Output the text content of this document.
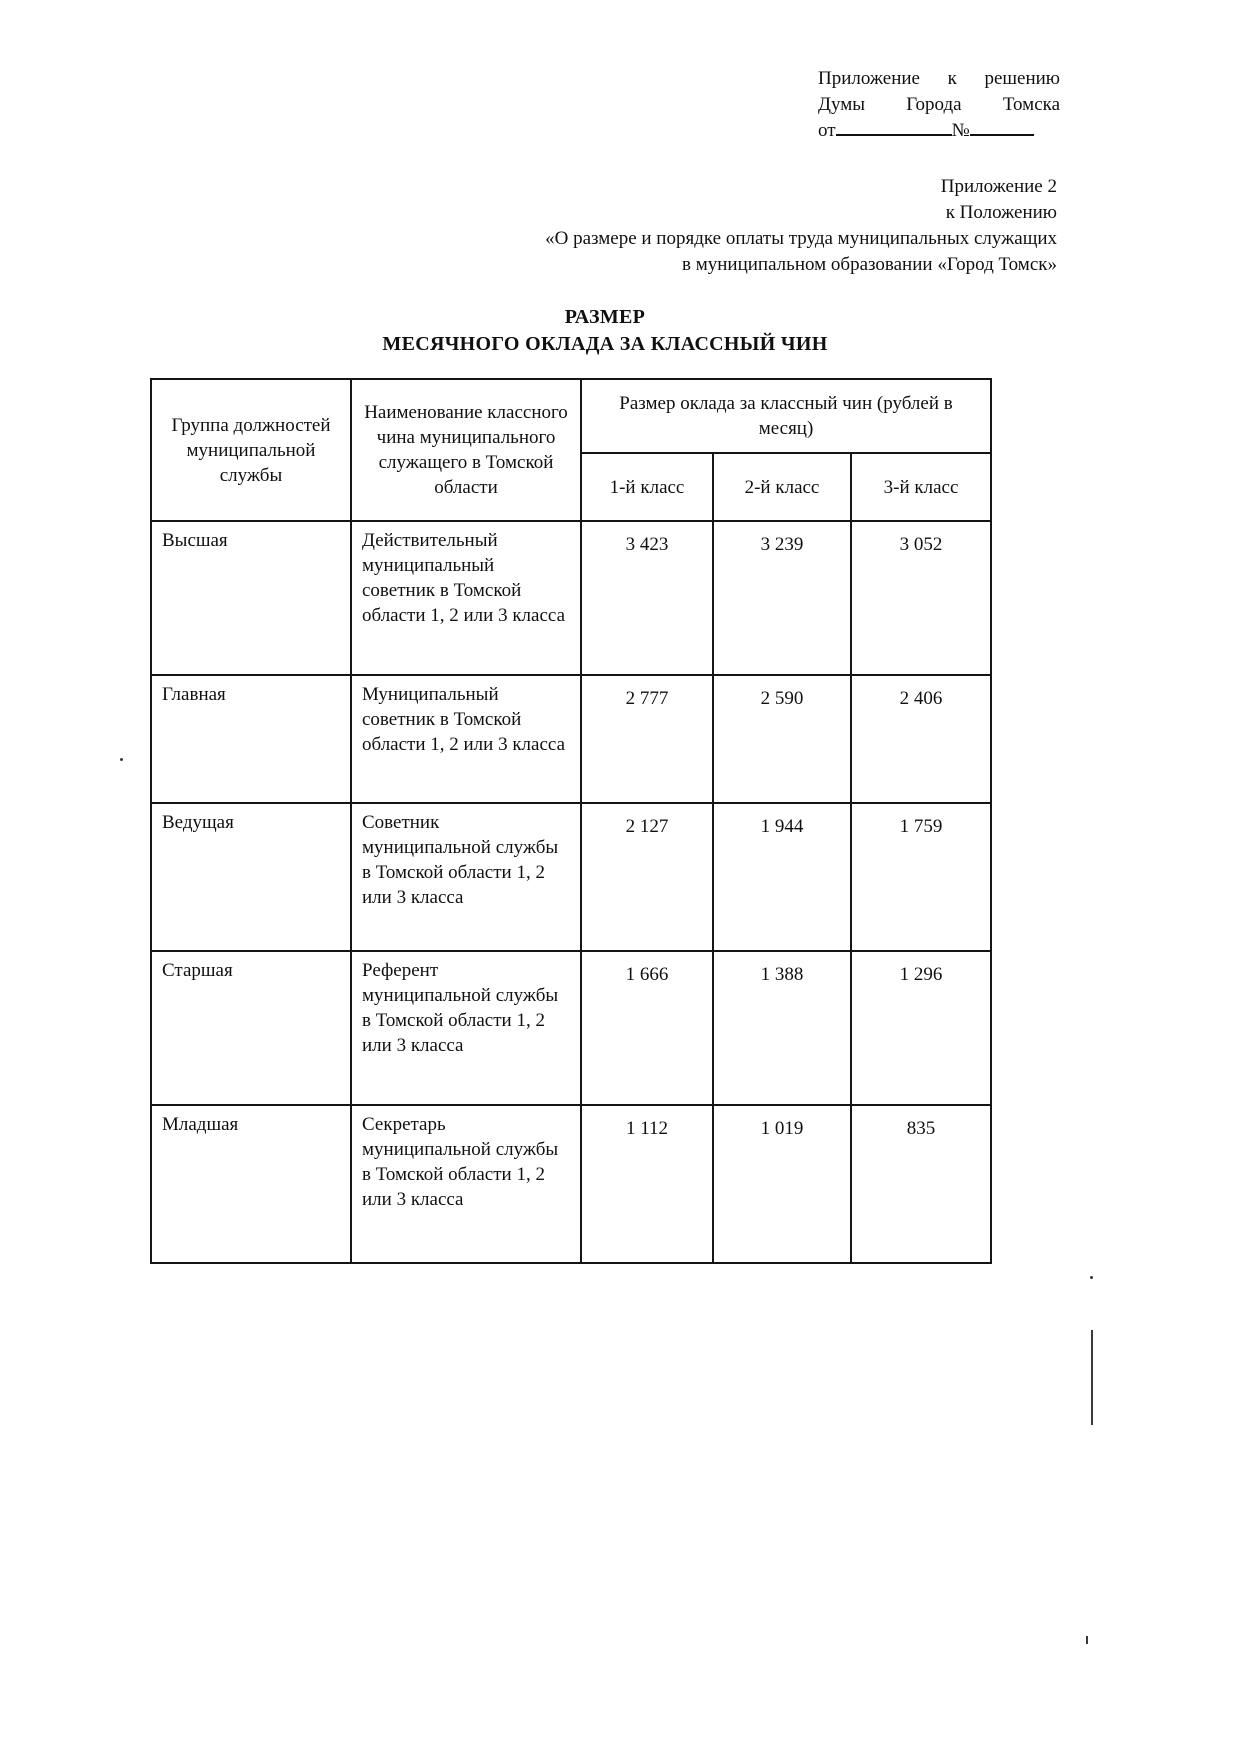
Приложение к решению
Думы Города Томска
от	№
Приложение 2
к Положению
«О размере и порядке оплаты труда муниципальных служащих
в муниципальном образовании «Город Томск»
РАЗМЕР
МЕСЯЧНОГО ОКЛАДА ЗА КЛАССНЫЙ ЧИН
Группа должностей муниципальной службы	Наименование классного чина муниципального служащего в Томской области	Размер оклада за классный чин (рублей в месяц)		
		1-й класс	2-й класс	3-й класс
Высшая	Действительный муниципальный советник в Томской области 1, 2 или 3 класса	3 423	3 239	3 052
Главная	Муниципальный советник в Томской области 1, 2 или 3 класса	2 777	2 590	2 406
Ведущая	Советник муниципальной службы в Томской области 1, 2 или 3 класса	2 127	1 944	1 759
Старшая	Референт муниципальной службы в Томской области 1, 2 или 3 класса	1 666	1 388	1 296
Младшая	Секретарь муниципальной службы в Томской области 1, 2 или 3 класса	1 112	1 019	835
